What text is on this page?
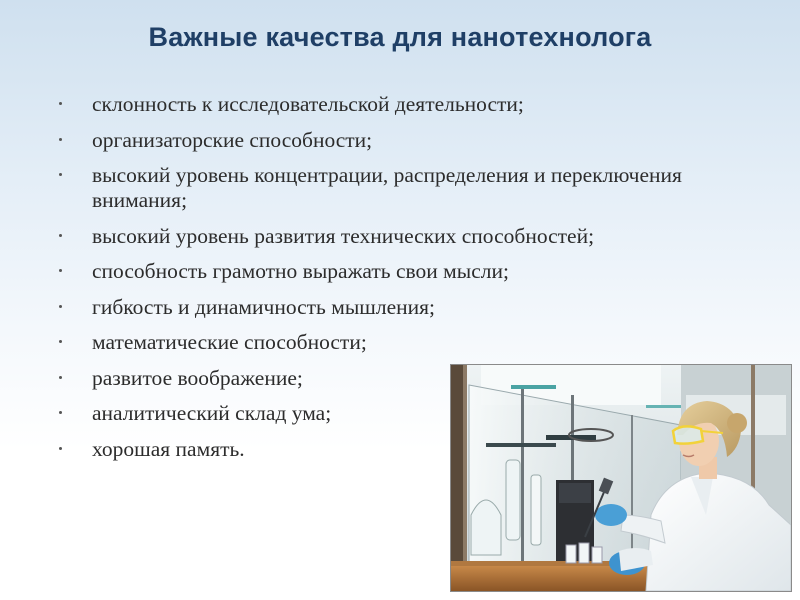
Важные качества для нанотехнолога
склонность к исследовательской деятельности;
организаторские способности;
высокий уровень концентрации, распределения и переключения внимания;
высокий уровень развития технических способностей;
способность грамотно выражать свои мысли;
гибкость и динамичность мышления;
математические способности;
развитое воображение;
аналитический склад ума;
хорошая память.
